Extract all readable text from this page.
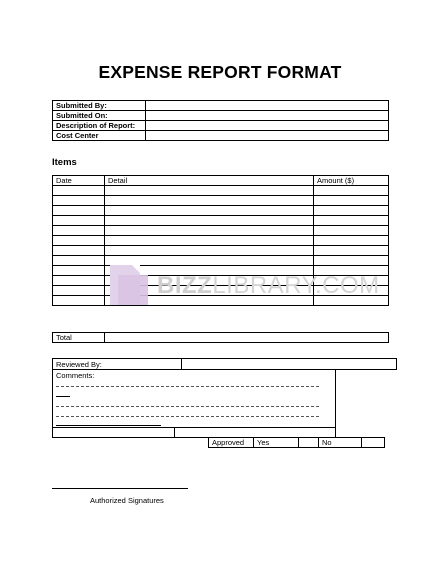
EXPENSE REPORT FORMAT
Submitted By:	
Submitted On:	
Description of Report:	
Cost Center	
Items
Date	Detail	Amount ($)

BIZZLIBRARY.COM
Total	
Reviewed By:
Comments:
Approved Yes	No
Authorized Signatures
